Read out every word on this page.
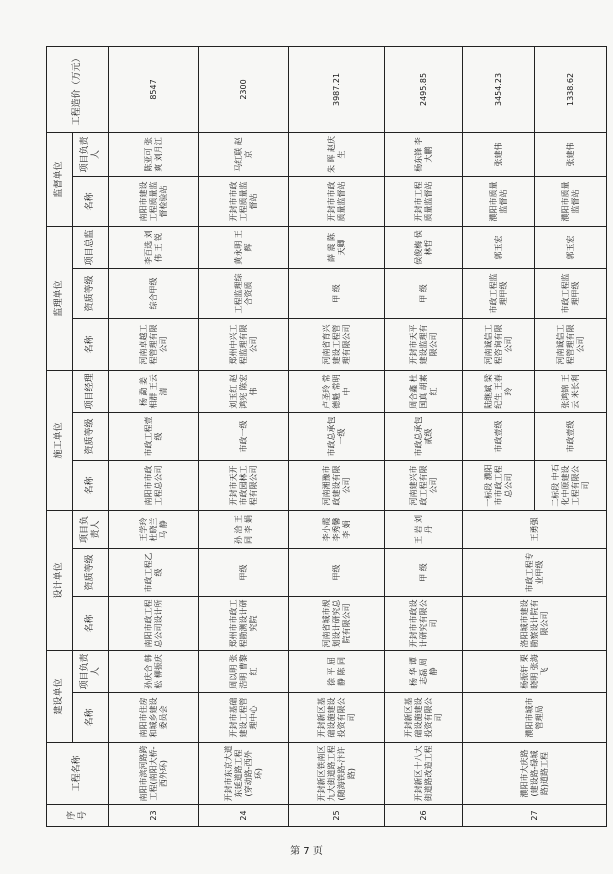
序号	工程名称	建设单位		设计单位			施工单位			监理单位			监督单位		工程造价（万元）
		名称	项目负责人	名称	资质等级	项目负责人	名称	资质等级	项目经理	名称	资质等级	项目总监	名称	项目负责人	
23	南阳市滨河路跨工程(南阳大桥-西外环)	南阳市住房和城乡建设委员会	孙庆合 韩 松 柳振庆	南阳市政工程总公司设计所	市政工程乙级	王学玲 杜晓兰 马 静	南阳市市政工程总公司	市政工程壹级	杨 勐 姜相群 王云清	河南卓越工程管理有限公司	综合甲级	李百选 刘 伟 王 锐	南阳市建设工程质量监督检验站	陈亚可 张 爽 刘月江	8547
24	开封市东京大道东延道路工程(穿动路-西外环)	开封市基础建设工程管理中心	周以明 张浩明 曹黎红	郑州市市政工程勘测设计研究院	甲级	孙 洽 王 同 李 娟	开封市天开市政园林工程有限公司	市政一级	刘玉红 赵鸿宪 陈宏伟	郑州中兴工程监理有限公司	工程监理综合资质	黄永明 王 辉	开封市市政工程质量监督站	马红联 赵 京	2300
25	开封新区铁南区九大街道路工程(随海铁路-汴许路)	开封新区基础设施建设投资有限公司	徐 平 屈 静 陈 同	河南省城市规划设计研究总院有限公司	甲级	李小霞 李秀馨 李 娟	河南湘豫市政建设有限公司	市政总承包一级	卢圣玲 常德魁 常明中	河南省育兴建设工程管理有限公司	甲 级	薛 震 陈天卿	开封市市政质量监督站	朱 晖 赵庆生	3987.21
26	开封新区十八大街道路改造工程	开封新区基础设施建设投资有限公司	杨 华 谭志磊 周 静	开封市市政设计研究有限公司	甲 级	王 岩 刘 丹	河南建兴市政工程有限公司	市政总承包贰级	周合鑫 杜国真 胡素红	开封市天平建设监理有限公司	甲 级	侯俊梅 侯林哲	开封市工程质量监督站	杨东锋 李大鹏	2495.85
27	濮阳市大庆路(建设路-绿城路)道路工程	濮阳市城市管理局	杨振轩 栗晓明 张海飞	洛阳城市建设勘察设计院有限公司	市政工程专业甲级	王勇强	一标段 濮阳市市政工程总公司	市政壹级	陆继斌 梁纪生 王春玲	河南诚信工程咨询有限公司	市政工程监理甲级	郭玉宏	濮阳市质量监督站	张建伟	3454.23
							二标段 中石化中原建设工程有限公司	市政壹级	张鸿锦 王 云 米长利	河南诚信工程管理有限公司	市政工程监理甲级	郭玉宏	濮阳市质量监督站	张建伟	1338.62
第 7 页
